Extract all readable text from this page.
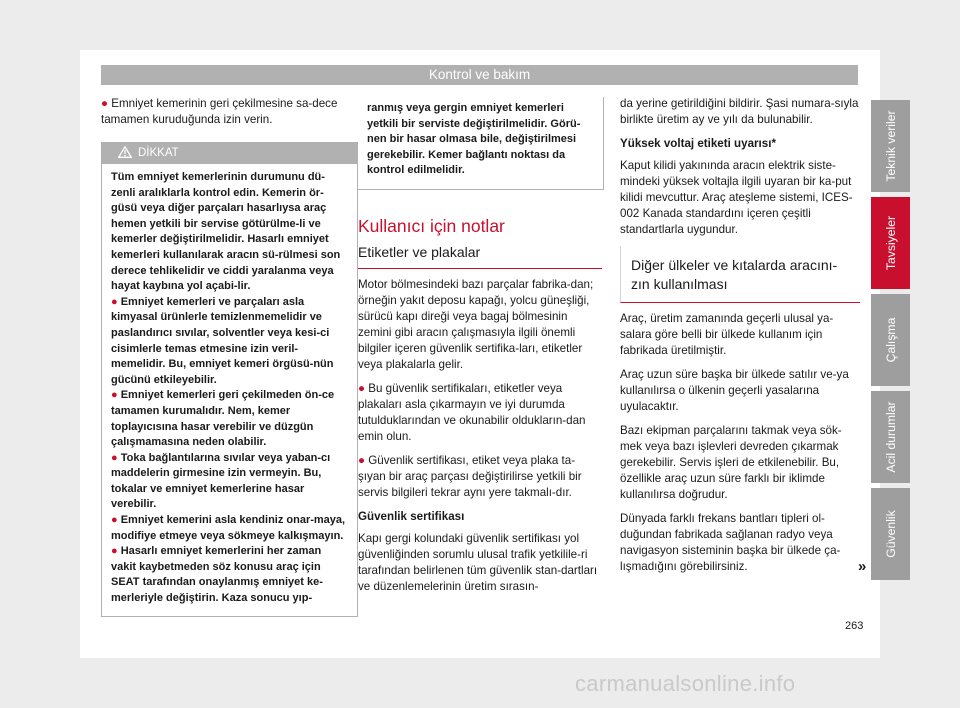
Kontrol ve bakım

● Emniyet kemerinin geri çekilmesine sa-dece tamamen kuruduğunda izin verin.

DİKKAT

Tüm emniyet kemerlerinin durumunu dü-zenli aralıklarla kontrol edin. Kemerin ör-güsü veya diğer parçaları hasarlıysa araç hemen yetkili bir servise götürülme-li ve kemerler değiştirilmelidir. Hasarlı emniyet kemerleri kullanılarak aracın sü-rülmesi son derece tehlikelidir ve ciddi yaralanma veya hayat kaybına yol açabi-lir.

● Emniyet kemerleri ve parçaları asla kimyasal ürünlerle temizlenmemelidir ve paslandırıcı sıvılar, solventler veya kesi-ci cisimlerle temas etmesine izin veril-memelidir. Bu, emniyet kemeri örgüsü-nün gücünü etkileyebilir.

● Emniyet kemerleri geri çekilmeden ön-ce tamamen kurumalıdır. Nem, kemer toplayıcısına hasar verebilir ve düzgün çalışmamasına neden olabilir.

● Toka bağlantılarına sıvılar veya yaban-cı maddelerin girmesine izin vermeyin. Bu, tokalar ve emniyet kemerlerine hasar verebilir.

● Emniyet kemerini asla kendiniz onar-maya, modifiye etmeye veya sökmeye kalkışmayın.

● Hasarlı emniyet kemerlerini her zaman vakit kaybetmeden söz konusu araç için SEAT tarafından onaylanmış emniyet ke-merleriyle değiştirin. Kaza sonucu yıp-

ranmış veya gergin emniyet kemerleri yetkili bir serviste değiştirilmelidir. Görü-nen bir hasar olmasa bile, değiştirilmesi gerekebilir. Kemer bağlantı noktası da kontrol edilmelidir.
Kullanıcı için notlar
Etiketler ve plakalar

Motor bölmesindeki bazı parçalar fabrika-dan; örneğin yakıt deposu kapağı, yolcu güneşliği, sürücü kapı direği veya bagaj bölmesinin zemini gibi aracın çalışmasıyla ilgili önemli bilgiler içeren güvenlik sertifika-ları, etiketler veya plakalarla gelir.

● Bu güvenlik sertifikaları, etiketler veya plakaları asla çıkarmayın ve iyi durumda tutuldukları​ndan ve okunabilir oldukların-dan emin olun.

● Güvenlik sertifikası, etiket veya plaka ta-şıyan bir araç parçası değiştirilirse yetkili bir servis bilgileri tekrar aynı yere takmalı-dır.

Güvenlik sertifikası

Kapı gergi kolundaki güvenlik sertifikası yol güvenliğinden sorumlu ulusal trafik yetkilile-ri tarafından belirlenen tüm güvenlik stan-dartları ve düzenlemelerinin üretim sırasın-

da yerine getirildiğini bildirir. Şasi numara-sıyla birlikte üretim ay ve yılı da bulunabilir.

Yüksek voltaj etiketi uyarısı*

Kaput kilidi yakınında aracın elektrik siste-mindeki yüksek voltajla ilgili uyaran bir ka-put kilidi mevcuttur. Araç ateşleme sistemi, ICES-002 Kanada standardını içeren çeşitli standartlarla uygundur.

Diğer ülkeler ve kıtalarda aracını-zın kullanılması

Araç, üretim zamanında geçerli ulusal ya-salara göre belli bir ülkede kullanım için fabrikada üretilmiştir.

Araç uzun süre başka bir ülkede satılır ve-ya kullanılırsa o ülkenin geçerli yasalarına uyulacaktır.

Bazı ekipman parçalarını takmak veya sök-mek veya bazı işlevleri devreden çıkarmak gerekebilir. Servis işleri de etkilenebilir. Bu, özellikle araç uzun süre farklı bir iklimde kullanılırsa doğrudur.

Dünyada farklı frekans bantları tipleri ol-duğundan fabrikada sağlanan radyo veya navigasyon sisteminin başka bir ülkede ça-lışmadığını görebilirsiniz.	»
Teknik veriler
Tavsiyeler
Çalışma
Acil durumlar
Güvenlik
263
carmanualsonline.info
